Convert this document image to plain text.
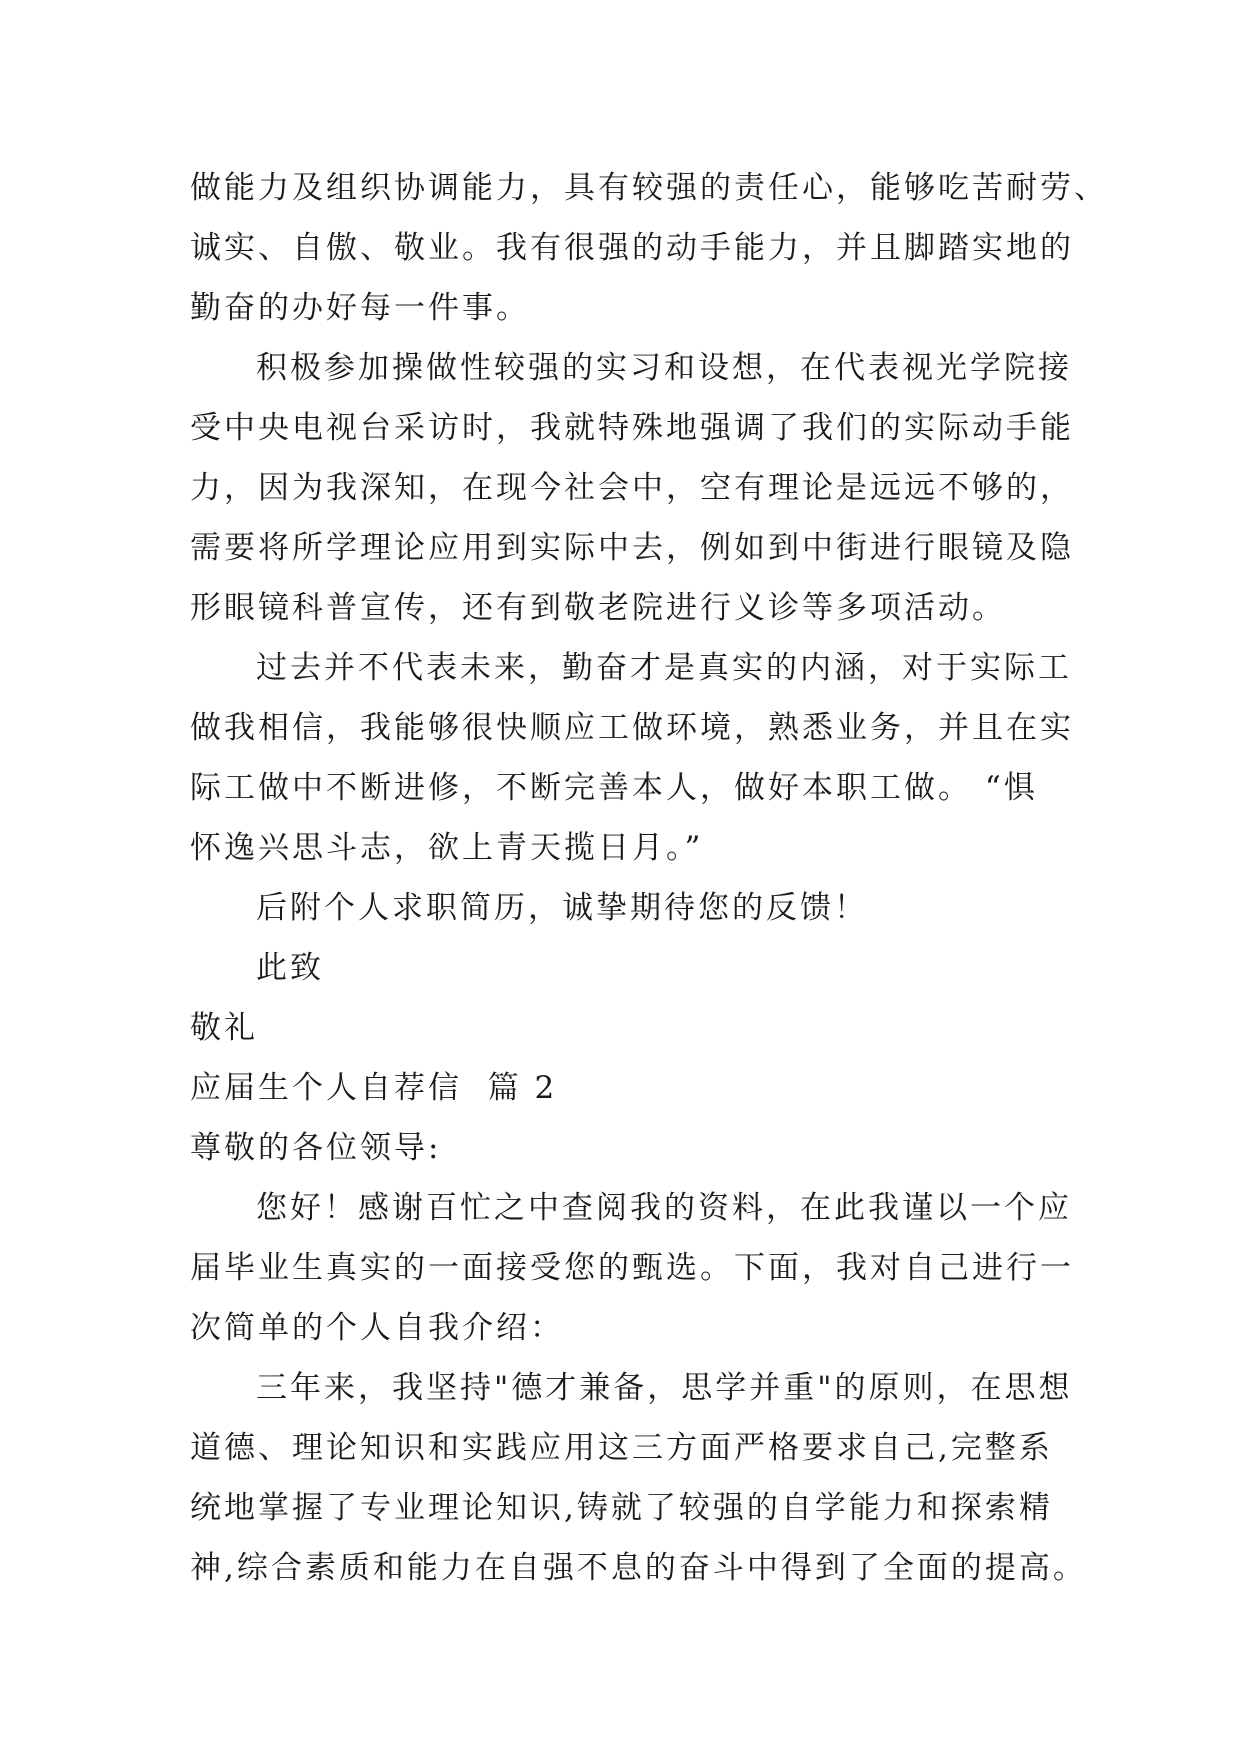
做能力及组织协调能力，具有较强的责任心，能够吃苦耐劳、
诚实、自傲、敬业。我有很强的动手能力，并且脚踏实地的
勤奋的办好每一件事。
积极参加操做性较强的实习和设想，在代表视光学院接
受中央电视台采访时，我就特殊地强调了我们的实际动手能
力，因为我深知，在现今社会中，空有理论是远远不够的，
需要将所学理论应用到实际中去，例如到中街进行眼镜及隐
形眼镜科普宣传，还有到敬老院进行义诊等多项活动。
过去并不代表未来，勤奋才是真实的内涵，对于实际工
做我相信，我能够很快顺应工做环境，熟悉业务，并且在实
际工做中不断进修，不断完善本人，做好本职工做。 “惧
怀逸兴思斗志，欲上青天揽日月。”
后附个人求职简历，诚挚期待您的反馈！
此致
敬礼
应届生个人自荐信  篇 2
尊敬的各位领导:
您好！感谢百忙之中查阅我的资料，在此我谨以一个应
届毕业生真实的一面接受您的甄选。下面，我对自己进行一
次简单的个人自我介绍：
三年来，我坚持"德才兼备，思学并重"的原则，在思想
道德、理论知识和实践应用这三方面严格要求自己,完整系
统地掌握了专业理论知识,铸就了较强的自学能力和探索精
神,综合素质和能力在自强不息的奋斗中得到了全面的提高。
